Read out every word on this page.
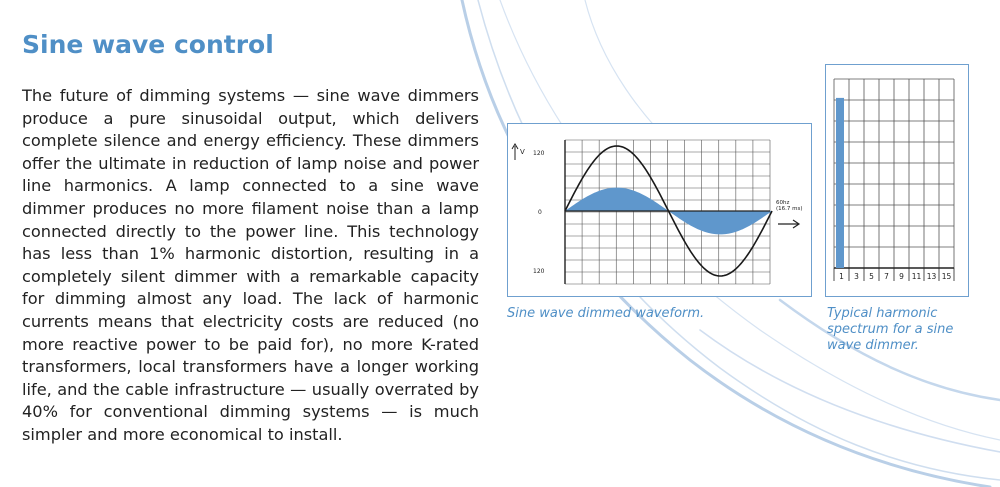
Sine wave control

The future of dimming systems — sine wave dimmers produce a pure sinusoidal output, which delivers complete silence and energy efficiency. These dimmers offer the ultimate in reduction of lamp noise and power line harmonics. A lamp connected to a sine wave dimmer produces no more filament noise than a lamp connected directly to the power line. This technology has less than 1% harmonic distortion, resulting in a completely silent dimmer with a remarkable capacity for dimming almost any load. The lack of harmonic currents means that electricity costs are reduced (no more reactive power to be paid for), no more K-rated transformers, local transformers have a longer working life, and the cable infrastructure — usually overrated by 40% for conventional dimming systems — is much simpler and more economical to install.

V 120
0
120
60hz
(16.7 ms)

Sine wave dimmed waveform.

1 3 5 7 9 11 13 15

Typical harmonic spectrum for a sine wave dimmer.
